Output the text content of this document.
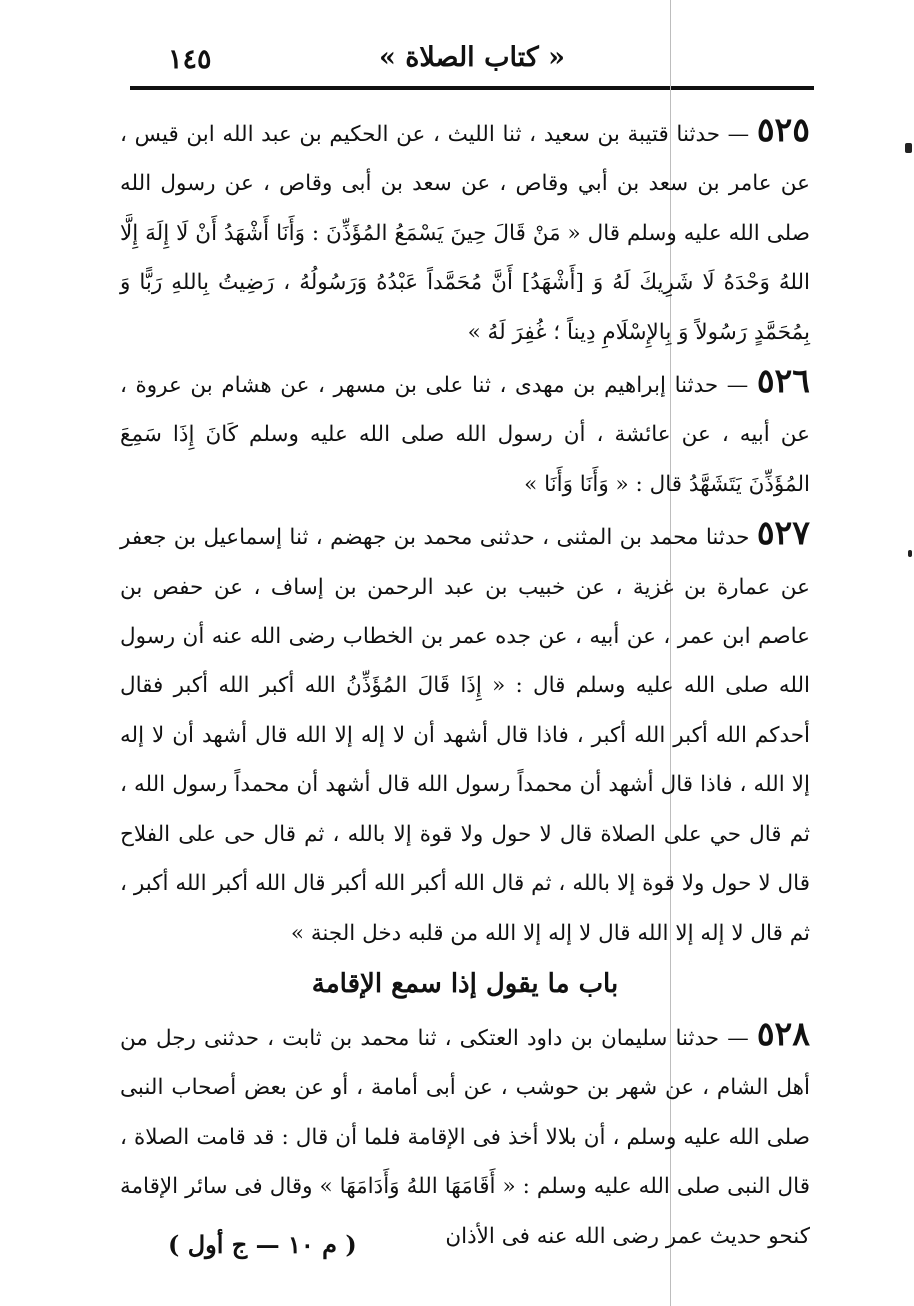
١٤٥	« كتاب الصلاة »

٥٢٥ — حدثنا قتيبة بن سعيد ، ثنا الليث ، عن الحكيم بن عبد الله ابن قيس ، عن عامر بن سعد بن أبي وقاص ، عن سعد بن أبى وقاص ، عن رسول الله صلى الله عليه وسلم قال « مَنْ قَالَ حِينَ يَسْمَعُ المُؤَذِّنَ : وَأَنَا أَشْهَدُ أَنْ لَا إِلَهَ إِلَّا اللهُ وَحْدَهُ لَا شَرِيكَ لَهُ وَ [أَشْهَدُ] أَنَّ مُحَمَّداً عَبْدُهُ وَرَسُولُهُ ، رَضِيتُ بِاللهِ رَبًّا وَ بِمُحَمَّدٍ رَسُولاً وَ بِالإِسْلَامِ دِيناً ؛ غُفِرَ لَهُ »

٥٢٦ — حدثنا إبراهيم بن مهدى ، ثنا على بن مسهر ، عن هشام بن عروة ، عن أبيه ، عن عائشة ، أن رسول الله صلى الله عليه وسلم كَانَ إِذَا سَمِعَ المُؤَذِّنَ يَتَشَهَّدُ قال : « وَأَنَا وَأَنَا »

٥٢٧ حدثنا محمد بن المثنى ، حدثنى محمد بن جهضم ، ثنا إسماعيل بن جعفر عن عمارة بن غزية ، عن خبيب بن عبد الرحمن بن إساف ، عن حفص بن عاصم ابن عمر ، عن أبيه ، عن جده عمر بن الخطاب رضى الله عنه أن رسول الله صلى الله عليه وسلم قال : « إِذَا قَالَ المُؤَذِّنُ الله أكبر الله أكبر فقال أحدكم الله أكبر الله أكبر ، فاذا قال أشهد أن لا إله إلا الله قال أشهد أن لا إله إلا الله ، فاذا قال أشهد أن محمداً رسول الله قال أشهد أن محمداً رسول الله ، ثم قال حي على الصلاة قال لا حول ولا قوة إلا بالله ، ثم قال حى على الفلاح قال لا حول ولا قوة إلا بالله ، ثم قال الله أكبر الله أكبر قال الله أكبر الله أكبر ، ثم قال لا إله إلا الله قال لا إله إلا الله من قلبه دخل الجنة »

باب ما يقول إذا سمع الإقامة

٥٢٨ — حدثنا سليمان بن داود العتكى ، ثنا محمد بن ثابت ، حدثنى رجل من أهل الشام ، عن شهر بن حوشب ، عن أبى أمامة ، أو عن بعض أصحاب النبى صلى الله عليه وسلم ، أن بلالا أخذ فى الإقامة فلما أن قال : قد قامت الصلاة ، قال النبى صلى الله عليه وسلم : « أَقَامَهَا اللهُ وَأَدَامَهَا » وقال فى سائر الإقامة كنحو حديث عمر رضى الله عنه فى الأذان

( م ١٠ — ج أول )
